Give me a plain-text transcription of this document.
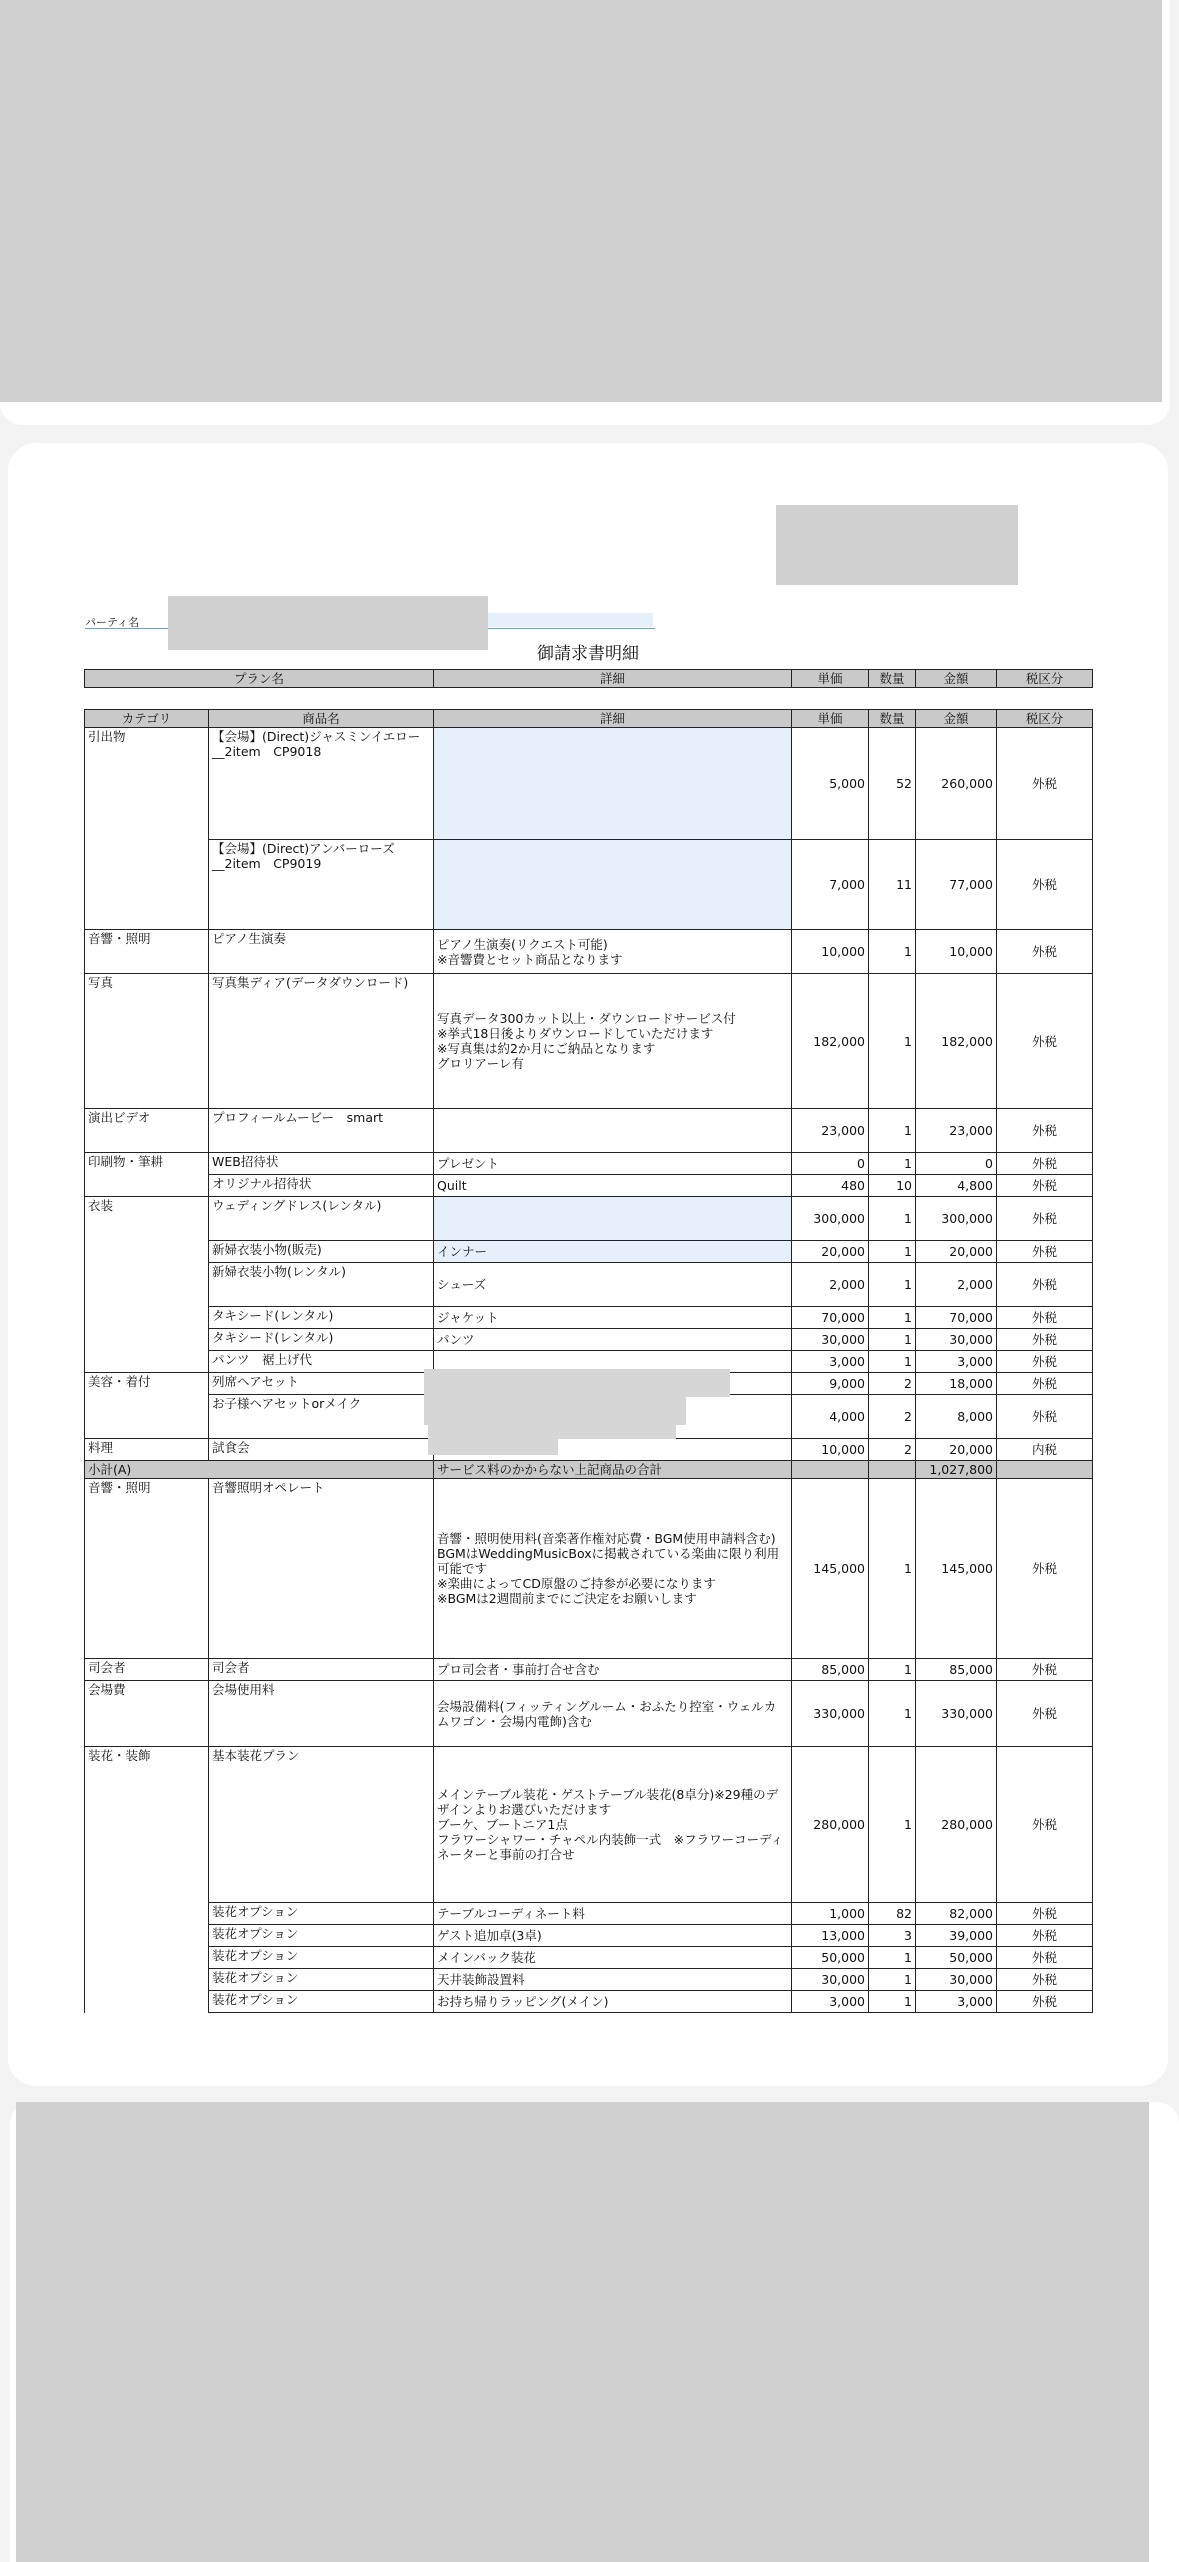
パーティ名
御請求書明細
プラン名	詳細	単価	数量	金額	税区分
カテゴリ	商品名	詳細	単価	数量	金額	税区分
引出物	【会場】(Direct)ジャスミンイエロー__2item　CP9018		5,000	52	260,000	外税
	【会場】(Direct)アンバーローズ__2item　CP9019		7,000	11	77,000	外税
音響・照明	ピアノ生演奏	ピアノ生演奏(リクエスト可能)
※音響費とセット商品となります	10,000	1	10,000	外税
写真	写真集ディア(データダウンロード)	写真データ300カット以上・ダウンロードサービス付
※挙式18日後よりダウンロードしていただけます
※写真集は約2か月にご納品となります
グロリアーレ有	182,000	1	182,000	外税
演出ビデオ	プロフィールムービー　smart		23,000	1	23,000	外税
印刷物・筆耕	WEB招待状	プレゼント	0	1	0	外税
	オリジナル招待状	Quilt	480	10	4,800	外税
衣装	ウェディングドレス(レンタル)		300,000	1	300,000	外税
	新婦衣装小物(販売)	インナー	20,000	1	20,000	外税
	新婦衣装小物(レンタル)	シューズ	2,000	1	2,000	外税
	タキシード(レンタル)	ジャケット	70,000	1	70,000	外税
	タキシード(レンタル)	パンツ	30,000	1	30,000	外税
	パンツ　裾上げ代		3,000	1	3,000	外税
美容・着付	列席ヘアセット		9,000	2	18,000	外税
	お子様ヘアセットorメイク		4,000	2	8,000	外税
料理	試食会		10,000	2	20,000	内税
小計(A)		サービス料のかからない上記商品の合計			1,027,800	
音響・照明	音響照明オペレート	音響・照明使用料(音楽著作権対応費・BGM使用申請料含む)
BGMはWeddingMusicBoxに掲載されている楽曲に限り利用可能です
※楽曲によってCD原盤のご持参が必要になります
※BGMは2週間前までにご決定をお願いします	145,000	1	145,000	外税
司会者	司会者	プロ司会者・事前打合せ含む	85,000	1	85,000	外税
会場費	会場使用料	会場設備料(フィッティングルーム・おふたり控室・ウェルカムワゴン・会場内電飾)含む	330,000	1	330,000	外税
装花・装飾	基本装花プラン	メインテーブル装花・ゲストテーブル装花(8卓分)※29種のデザインよりお選びいただけます
ブーケ、ブートニア1点
フラワーシャワー・チャペル内装飾一式　※フラワーコーディネーターと事前の打合せ	280,000	1	280,000	外税
	装花オプション	テーブルコーディネート料	1,000	82	82,000	外税
	装花オプション	ゲスト追加卓(3卓)	13,000	3	39,000	外税
	装花オプション	メインバック装花	50,000	1	50,000	外税
	装花オプション	天井装飾設置料	30,000	1	30,000	外税
	装花オプション	お持ち帰りラッピング(メイン)	3,000	1	3,000	外税
